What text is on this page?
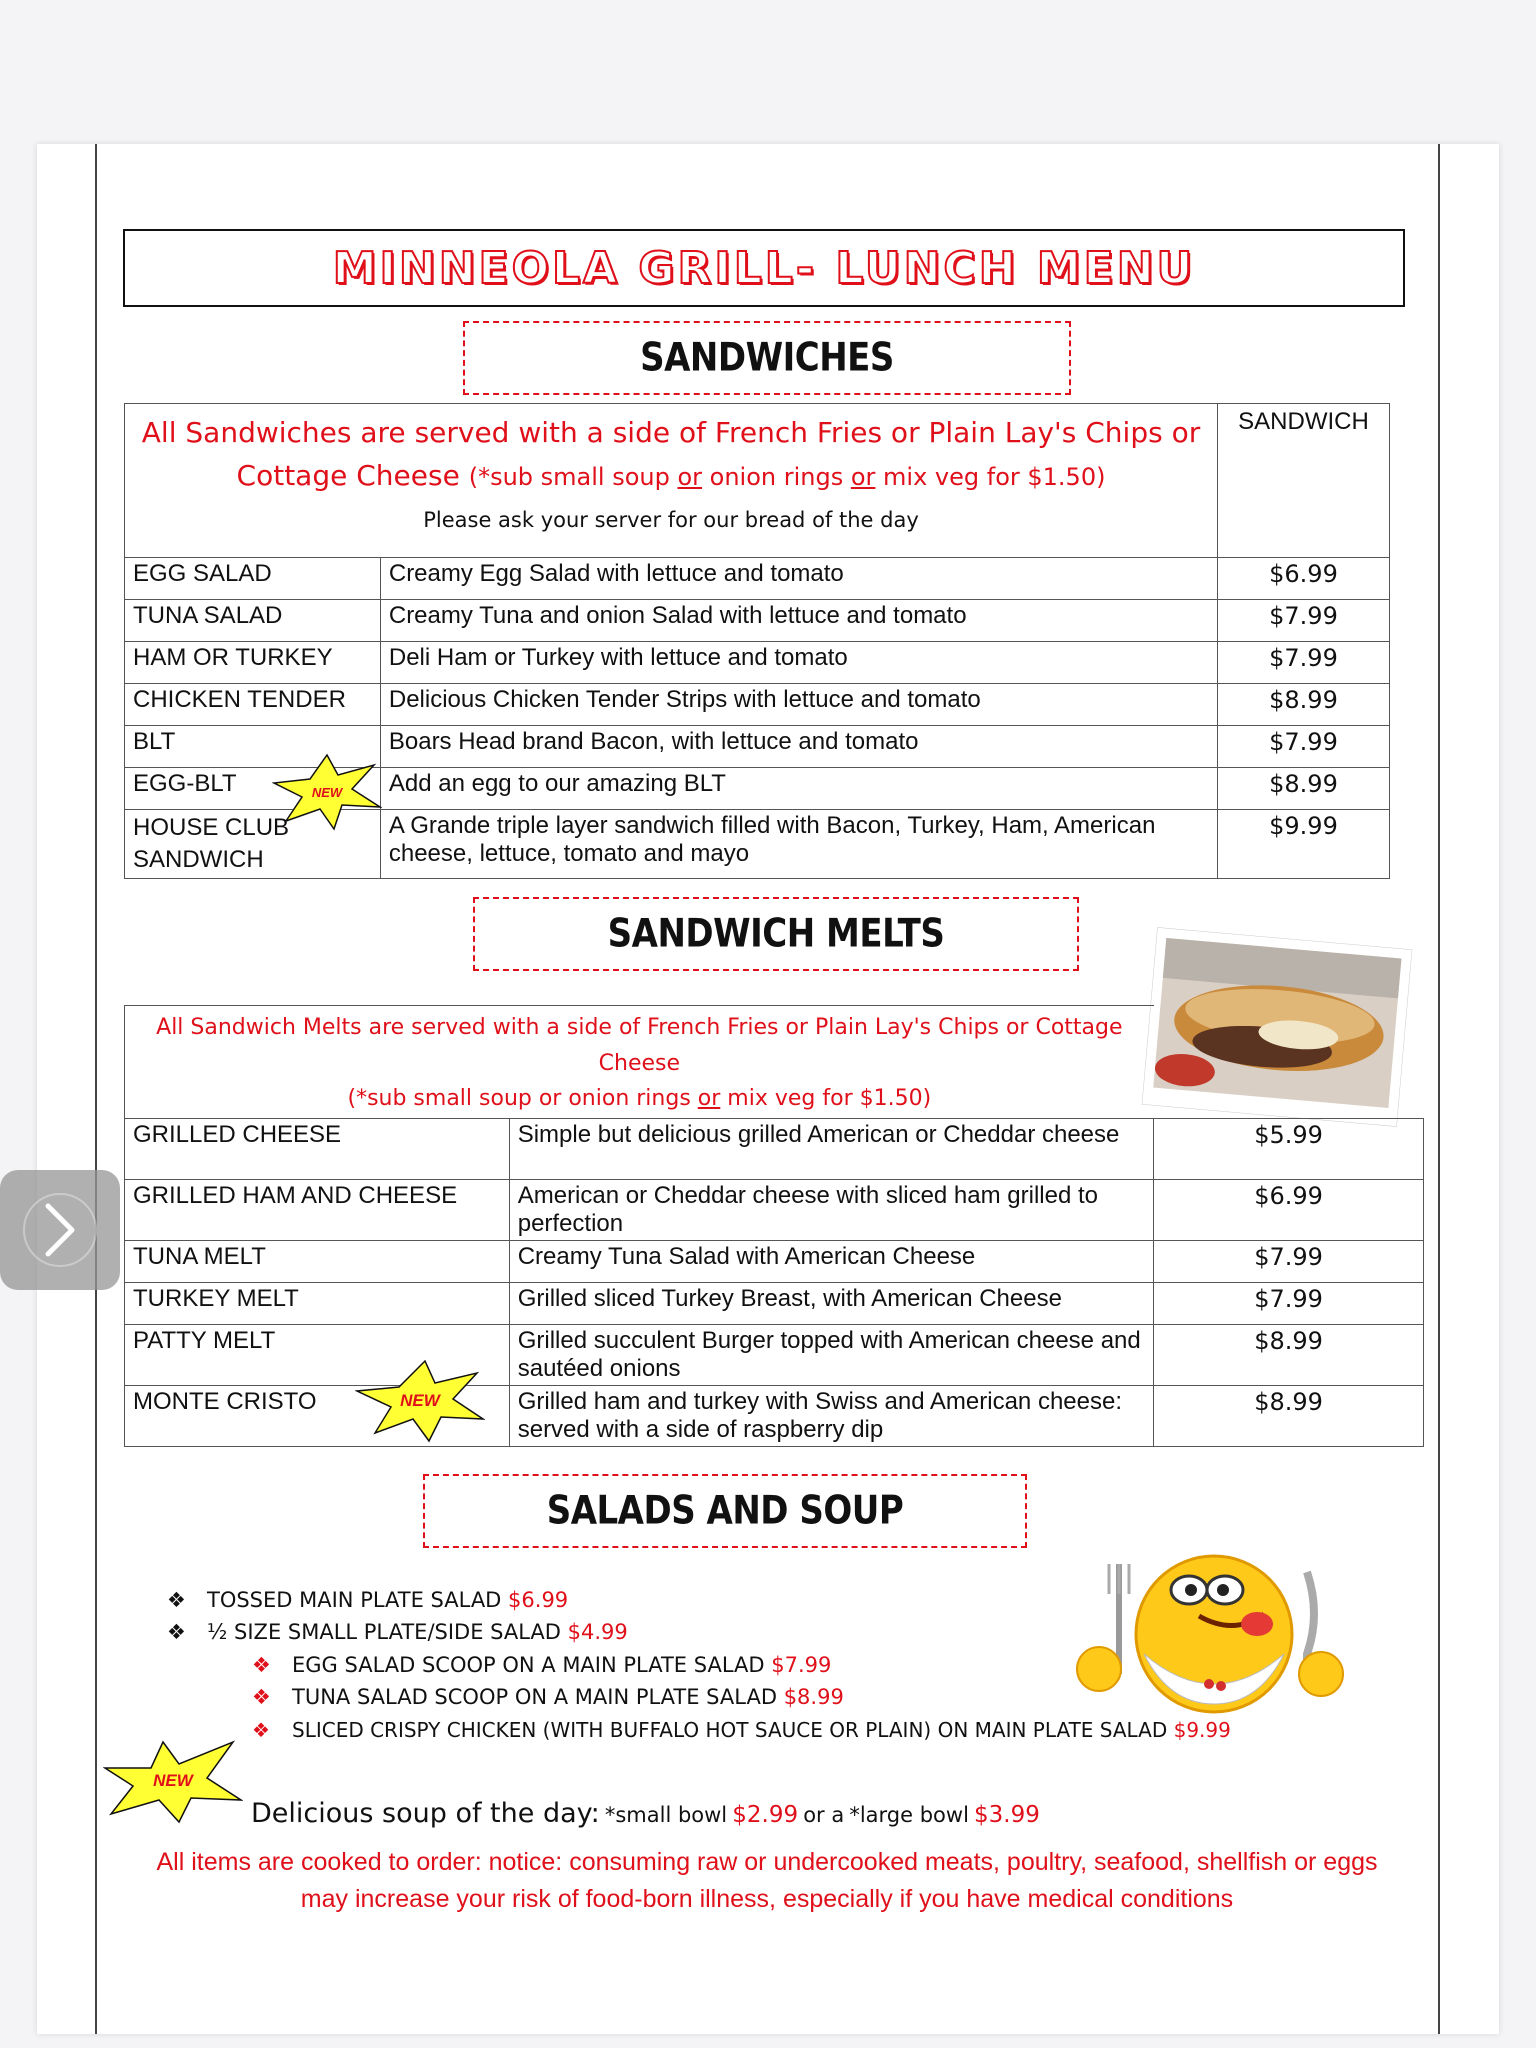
MINNEOLA GRILL- LUNCH MENU
SANDWICHES
All Sandwiches are served with a side of French Fries or Plain Lay's Chips or
Cottage Cheese (*sub small soup or onion rings or mix veg for $1.50)
Please ask your server for our bread of the day		SANDWICH
EGG SALAD	Creamy Egg Salad with lettuce and tomato	$6.99
TUNA SALAD	Creamy Tuna and onion Salad with lettuce and tomato	$7.99
HAM OR TURKEY	Deli Ham or Turkey with lettuce and tomato	$7.99
CHICKEN TENDER	Delicious Chicken Tender Strips with lettuce and tomato	$8.99
BLT	Boars Head brand Bacon, with lettuce and tomato	$7.99
EGG-BLT	Add an egg to our amazing BLT	$8.99
HOUSE CLUB SANDWICH	A Grande triple layer sandwich filled with Bacon, Turkey, Ham, American cheese, lettuce, tomato and mayo	$9.99
NEW
SANDWICH MELTS
All Sandwich Melts are served with a side of French Fries or Plain Lay's Chips or Cottage Cheese
(*sub small soup or onion rings or mix veg for $1.50)		

GRILLED CHEESE	Simple but delicious grilled American or Cheddar cheese	$5.99
GRILLED HAM AND CHEESE	American or Cheddar cheese with sliced ham grilled to perfection	$6.99
TUNA MELT	Creamy Tuna Salad with American Cheese	$7.99
TURKEY MELT	Grilled sliced Turkey Breast, with American Cheese	$7.99
PATTY MELT	Grilled succulent Burger topped with American cheese and sautéed onions	$8.99
MONTE CRISTO	Grilled ham and turkey with Swiss and American cheese: served with a side of raspberry dip	$8.99
NEW
SALADS AND SOUP
❖ TOSSED MAIN PLATE SALAD $6.99
❖ ½ SIZE SMALL PLATE/SIDE SALAD $4.99
❖ EGG SALAD SCOOP ON A MAIN PLATE SALAD $7.99
❖ TUNA SALAD SCOOP ON A MAIN PLATE SALAD $8.99
❖ SLICED CRISPY CHICKEN (WITH BUFFALO HOT SAUCE OR PLAIN) ON MAIN PLATE SALAD $9.99
NEW
Delicious soup of the day: *small bowl $2.99 or a *large bowl $3.99
All items are cooked to order: notice: consuming raw or undercooked meats, poultry, seafood, shellfish or eggs
may increase your risk of food-born illness, especially if you have medical conditions
